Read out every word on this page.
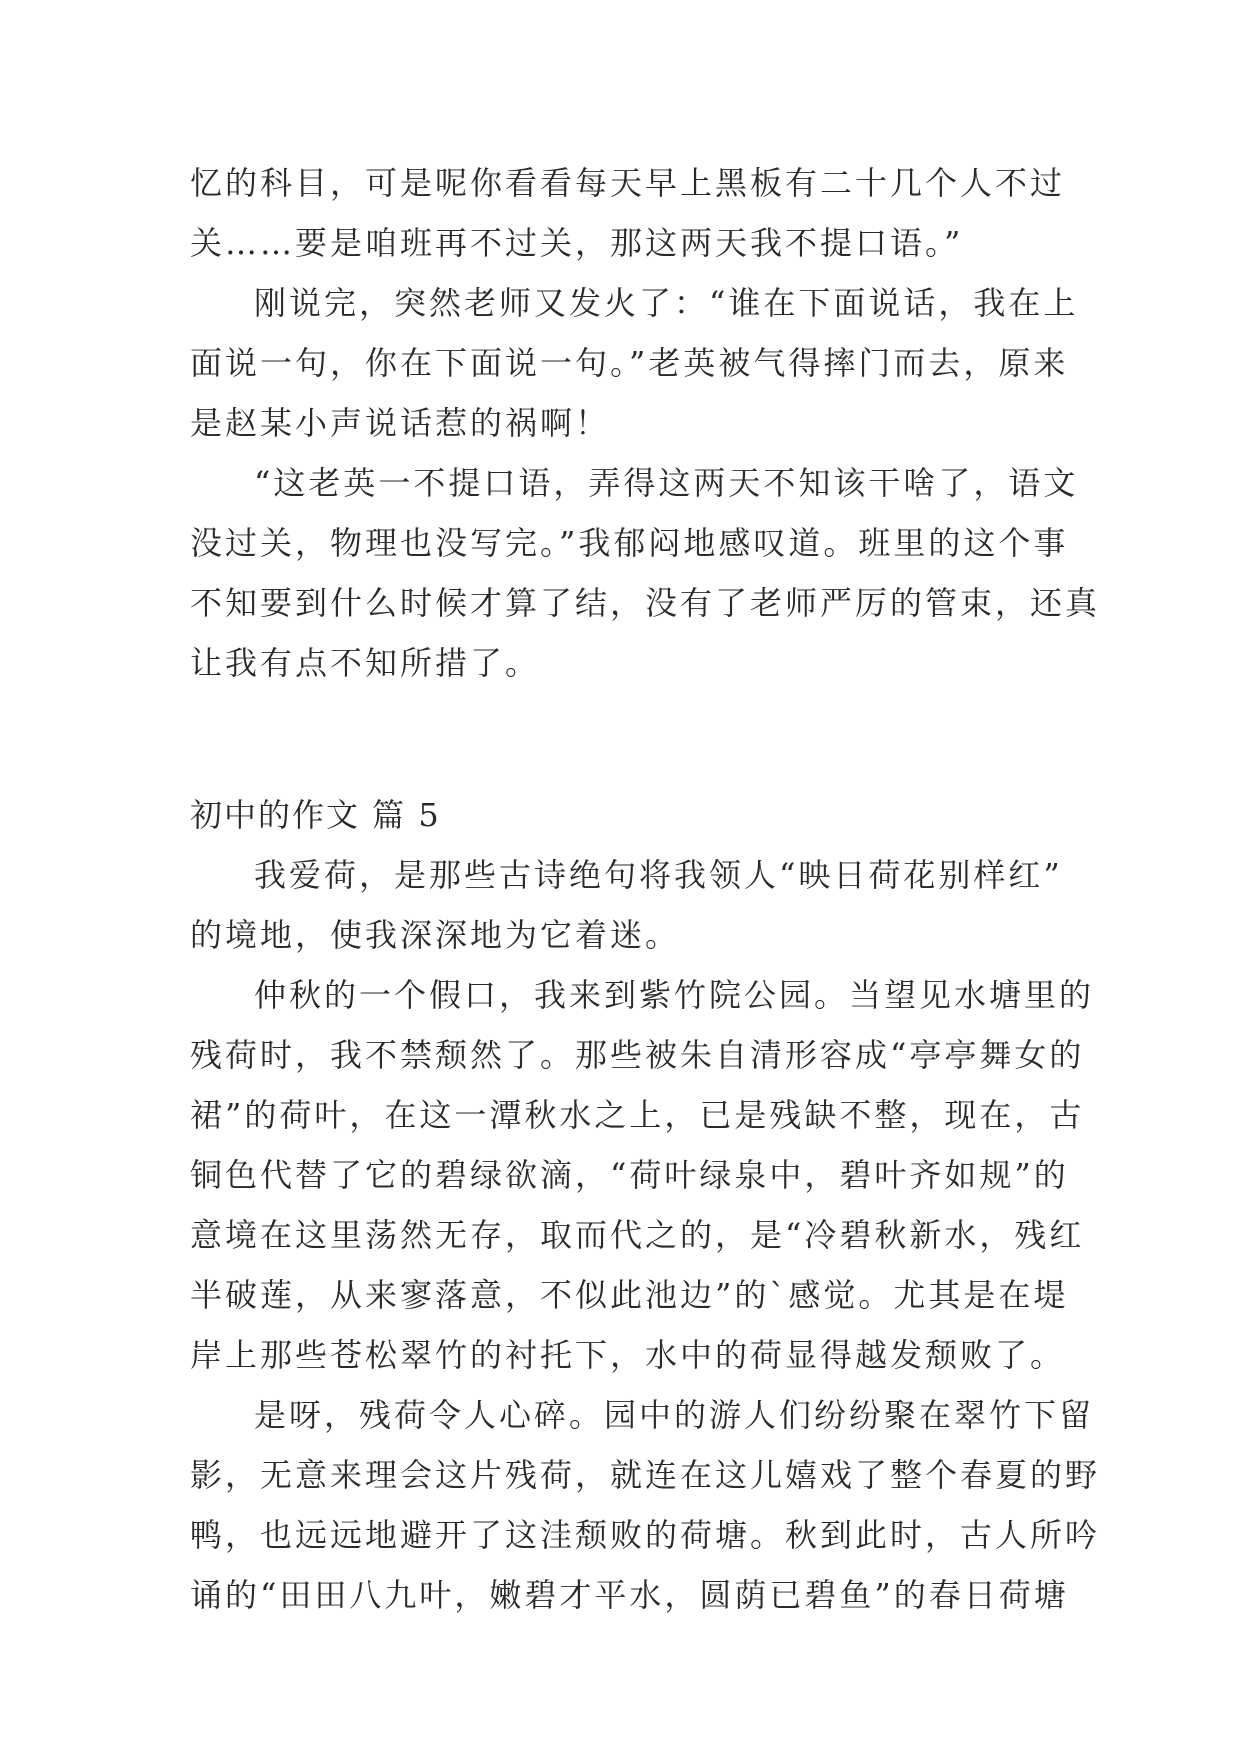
忆的科目，可是呢你看看每天早上黑板有二十几个人不过
关……要是咱班再不过关，那这两天我不提口语。”
刚说完，突然老师又发火了：“谁在下面说话，我在上
面说一句，你在下面说一句。”老英被气得摔门而去，原来
是赵某小声说话惹的祸啊！
“这老英一不提口语，弄得这两天不知该干啥了，语文
没过关，物理也没写完。”我郁闷地感叹道。班里的这个事
不知要到什么时候才算了结，没有了老师严厉的管束，还真
让我有点不知所措了。
初中的作文 篇 5
我爱荷，是那些古诗绝句将我领人“映日荷花别样红”
的境地，使我深深地为它着迷。
仲秋的一个假口，我来到紫竹院公园。当望见水塘里的
残荷时，我不禁颓然了。那些被朱自清形容成“亭亭舞女的
裙”的荷叶，在这一潭秋水之上，已是残缺不整，现在，古
铜色代替了它的碧绿欲滴，“荷叶绿泉中，碧叶齐如规”的
意境在这里荡然无存，取而代之的，是“冷碧秋新水，残红
半破莲，从来寥落意，不似此池边”的`感觉。尤其是在堤
岸上那些苍松翠竹的衬托下，水中的荷显得越发颓败了。
是呀，残荷令人心碎。园中的游人们纷纷聚在翠竹下留
影，无意来理会这片残荷，就连在这儿嬉戏了整个春夏的野
鸭，也远远地避开了这洼颓败的荷塘。秋到此时，古人所吟
诵的“田田八九叶，嫩碧才平水，圆荫已碧鱼”的春日荷塘
